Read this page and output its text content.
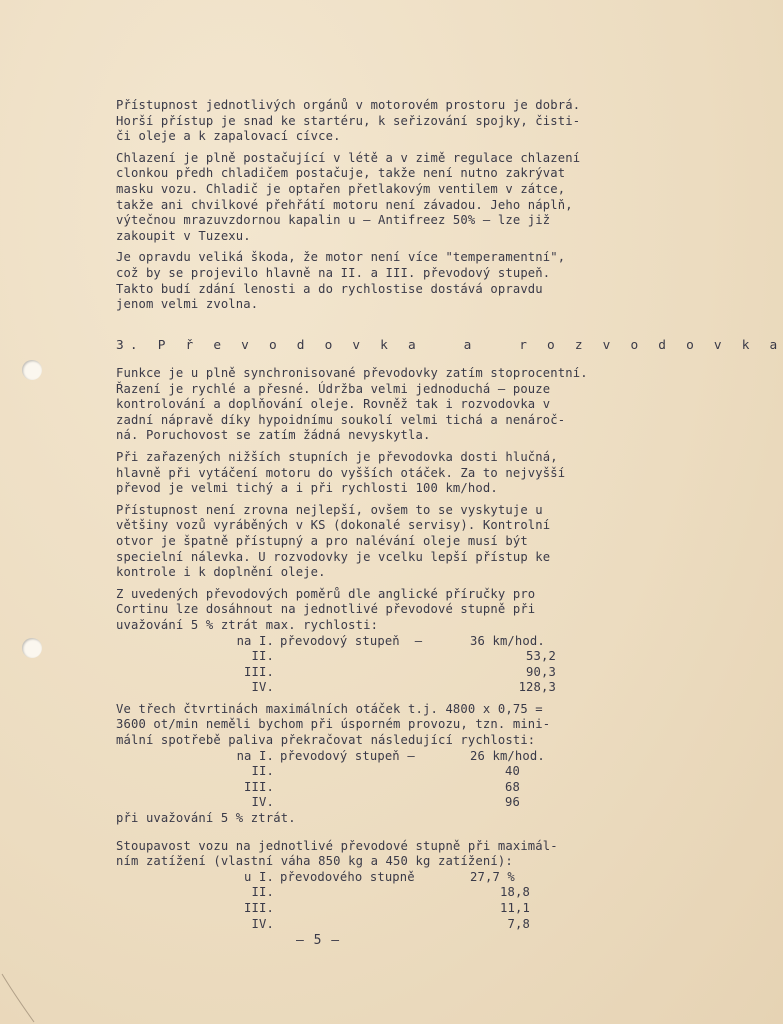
Přístupnost jednotlivých orgánů v motorovém prostoru je dobrá.
Horší přístup je snad ke startéru, k seřizování spojky, čisti-
či oleje a k zapalovací cívce.

Chlazení je plně postačující v létě a v zimě regulace chlazení
clonkou předh chladičem postačuje, takže není nutno zakrývat
masku vozu. Chladič je optařen přetlakovým ventilem v zátce,
takže ani chvilkové přehřátí motoru není závadou. Jeho náplň,
výtečnou mrazuvzdornou kapalin u – Antifreez 50% – lze již
zakoupit v Tuzexu.

Je opravdu veliká škoda, že motor není více "temperamentní",
což by se projevilo hlavně na II. a III. převodový stupeň.
Takto budí zdání lenosti a do rychlostise dostává opravdu
jenom velmi zvolna.

3. P ř e v o d o v k a   a   r o z v o d o v k a

Funkce je u plně synchronisované převodovky zatím stoprocentní.
Řazení je rychlé a přesné. Údržba velmi jednoduchá – pouze
kontrolování a doplňování oleje. Rovněž tak i rozvodovka v
zadní nápravě díky hypoidnímu soukolí velmi tichá a nenároč-
ná. Poruchovost se zatím žádná nevyskytla.

Při zařazených nižších stupních je převodovka dosti hlučná,
hlavně při vytáčení motoru do vyšších otáček. Za to nejvyšší
převod je velmi tichý a i při rychlosti 100 km/hod.

Přístupnost není zrovna nejlepší, ovšem to se vyskytuje u
většiny vozů vyráběných v KS (dokonalé servisy). Kontrolní
otvor je špatně přístupný a pro nalévání oleje musí být
specielní nálevka. U rozvodovky je vcelku lepší přístup ke
kontrole i k doplnění oleje.

Z uvedených převodových poměrů dle anglické příručky pro
Cortinu lze dosáhnout na jednotlivé převodové stupně při
uvažování 5 % ztrát max. rychlosti:

na I. převodový stupeň –	36 km/hod.
II.	53,2
III.	90,3
IV.	128,3

Ve třech čtvrtinách maximálních otáček t.j. 4800 x 0,75 =
3600 ot/min neměli bychom při úsporném provozu, tzn. mini-
mální spotřebě paliva překračovat následující rychlosti:

na I. převodový stupeň –	26 km/hod.
II.	40
III.	68
IV.	96

při uvažování 5 % ztrát.

Stoupavost vozu na jednotlivé převodové stupně při maximál-
ním zatížení (vlastní váha 850 kg a 450 kg zatížení):

u I. převodového stupně	27,7 %
II.	18,8
III.	11,1
IV.	7,8
– 5 –
